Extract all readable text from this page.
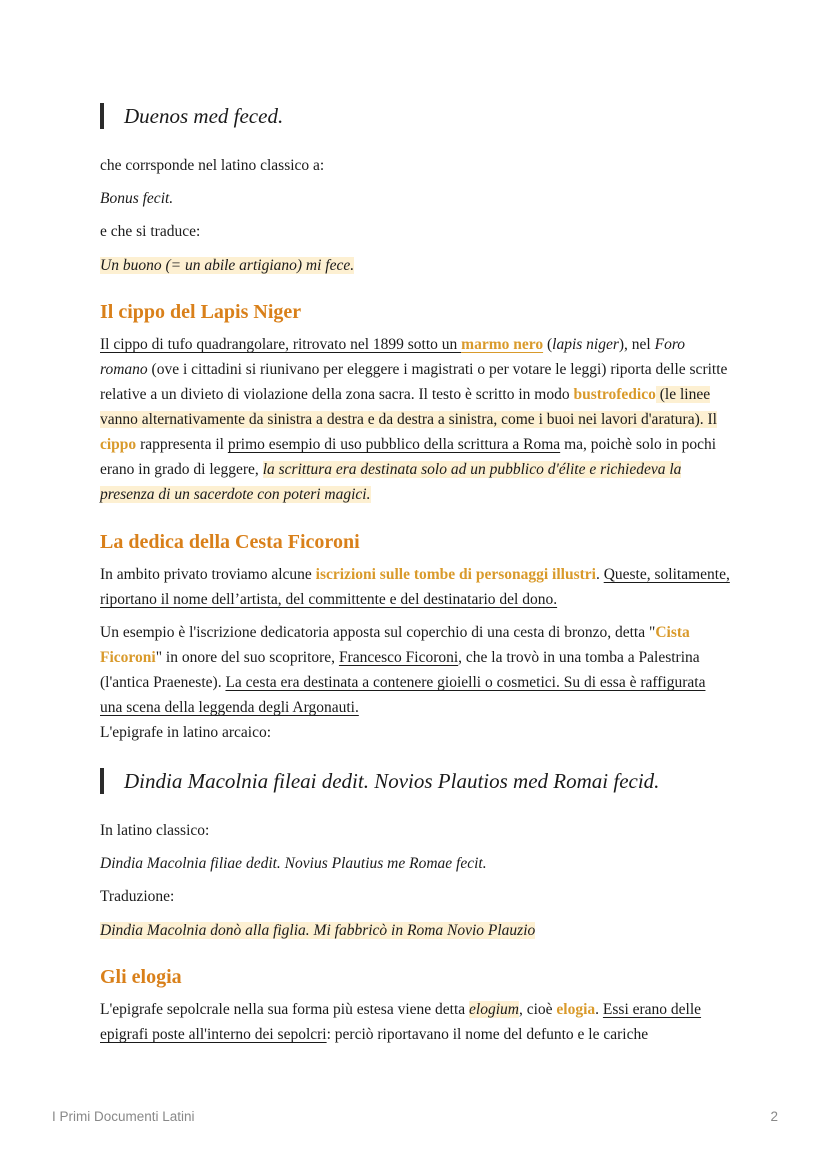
Duenos med feced.
che corrsponde nel latino classico a:
Bonus fecit.
e che si traduce:
Un buono (= un abile artigiano) mi fece.
Il cippo del Lapis Niger
Il cippo di tufo quadrangolare, ritrovato nel 1899 sotto un marmo nero (lapis niger), nel Foro romano (ove i cittadini si riunivano per eleggere i magistrati o per votare le leggi) riporta delle scritte relative a un divieto di violazione della zona sacra. Il testo è scritto in modo bustrofedico (le linee vanno alternativamente da sinistra a destra e da destra a sinistra, come i buoi nei lavori d'aratura). Il cippo rappresenta il primo esempio di uso pubblico della scrittura a Roma ma, poichè solo in pochi erano in grado di leggere, la scrittura era destinata solo ad un pubblico d'élite e richiedeva la presenza di un sacerdote con poteri magici.
La dedica della Cesta Ficoroni
In ambito privato troviamo alcune iscrizioni sulle tombe di personaggi illustri. Queste, solitamente, riportano il nome dell’artista, del committente e del destinatario del dono.
Un esempio è l'iscrizione dedicatoria apposta sul coperchio di una cesta di bronzo, detta "Cista Ficoroni" in onore del suo scopritore, Francesco Ficoroni, che la trovò in una tomba a Palestrina (l'antica Praeneste). La cesta era destinata a contenere gioielli o cosmetici. Su di essa è raffigurata una scena della leggenda degli Argonauti.
L'epigrafe in latino arcaico:
Dindia Macolnia fileai dedit. Novios Plautios med Romai fecid.
In latino classico:
Dindia Macolnia filiae dedit. Novius Plautius me Romae fecit.
Traduzione:
Dindia Macolnia donò alla figlia. Mi fabbricò in Roma Novio Plauzio
Gli elogia
L'epigrafe sepolcrale nella sua forma più estesa viene detta elogium, cioè elogia. Essi erano delle epigrafi poste all'interno dei sepolcri: perciò riportavano il nome del defunto e le cariche
I Primi Documenti Latini	2
